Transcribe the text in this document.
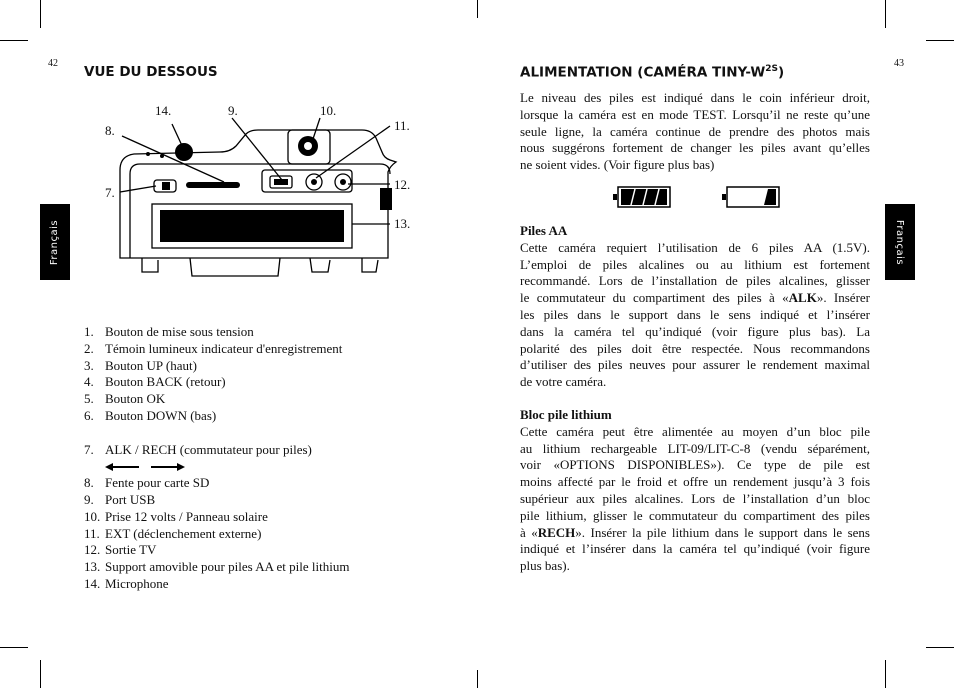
42	43
Français	Français
VUE DU DESSOUS
14.	9.	10.
8.	11.
7.
12.
13.
1. Bouton de mise sous tension
2. Témoin lumineux indicateur d'enregistrement
3. Bouton UP (haut)
4. Bouton BACK (retour)
5. Bouton OK
6. Bouton DOWN (bas)
7. ALK / RECH (commutateur pour piles)
8. Fente pour carte SD
9. Port USB
10. Prise 12 volts / Panneau solaire
11. EXT (déclenchement externe)
12. Sortie TV
13. Support amovible pour piles AA et pile lithium
14. Microphone
ALIMENTATION (CAMÉRA TINY-$W^{2S}$)
Le niveau des piles est indiqué dans le coin inférieur droit,
lorsque la caméra est en mode TEST. Lorsqu’il ne reste qu’une
seule ligne, la caméra continue de prendre des photos mais
nous suggérons fortement de changer les piles avant qu’elles
ne soient vides. (Voir figure plus bas)
Piles AA
Cette caméra requiert l’utilisation de 6 piles AA (1.5V).
L’emploi de piles alcalines ou au lithium est fortement
recommandé. Lors de l’installation de piles alcalines, glisser
le commutateur du compartiment des piles à «ALK». Insérer
les piles dans le support dans le sens indiqué et l’insérer
dans la caméra tel qu’indiqué (voir figure plus bas). La
polarité des piles doit être respectée. Nous recommandons
d’utiliser des piles neuves pour assurer le rendement maximal
de votre caméra.
Bloc pile lithium
Cette caméra peut être alimentée au moyen d’un bloc pile
au lithium rechargeable LIT-09/LIT-C-8 (vendu séparément,
voir «OPTIONS DISPONIBLES»). Ce type de pile est
moins affecté par le froid et offre un rendement jusqu’à 3 fois
supérieur aux piles alcalines. Lors de l’installation d’un bloc
pile lithium, glisser le commutateur du compartiment des piles
à «RECH». Insérer la pile lithium dans le support dans le sens
indiqué et l’insérer dans la caméra tel qu’indiqué (voir figure
plus bas).
